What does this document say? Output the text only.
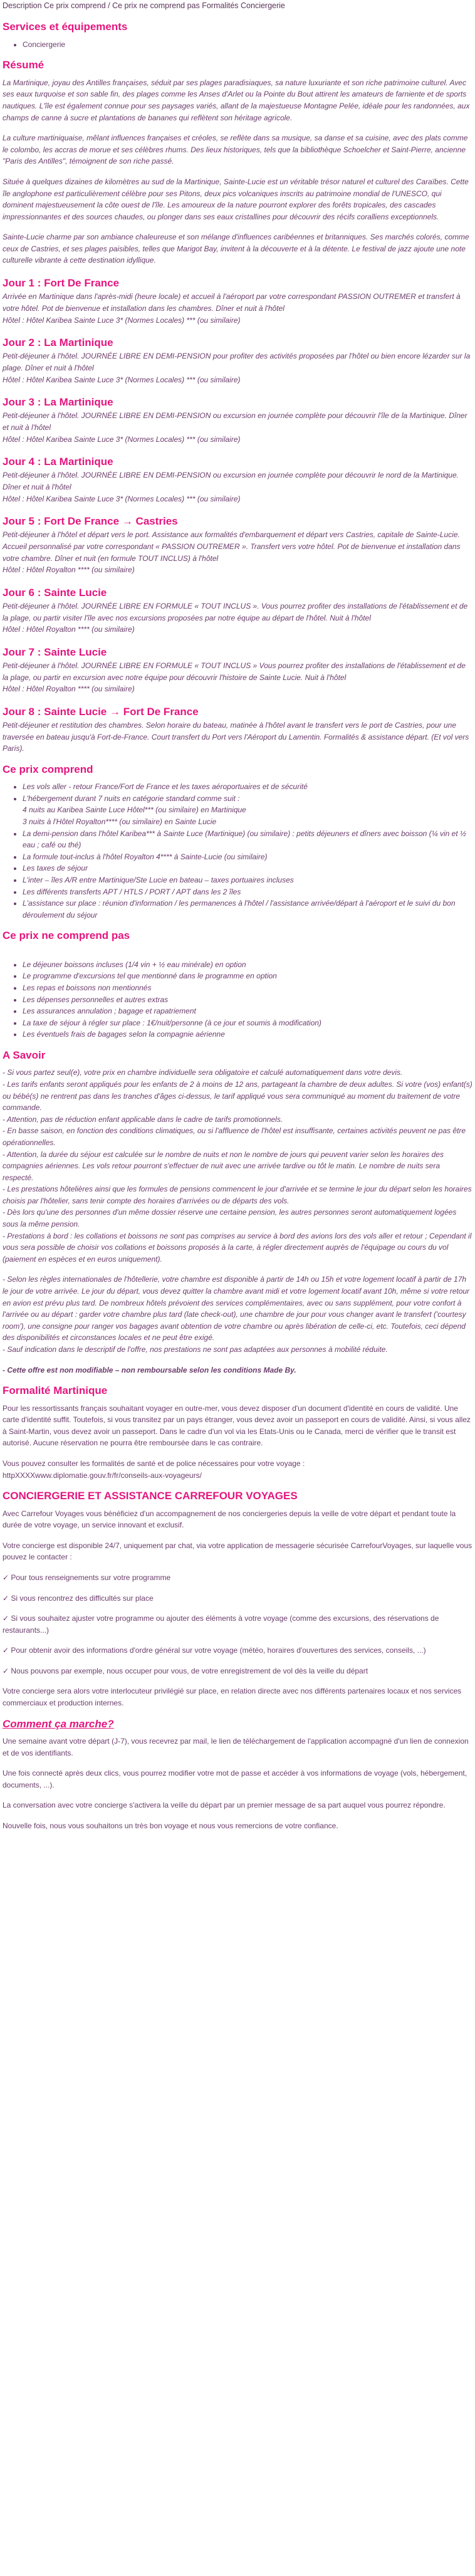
Description Ce prix comprend / Ce prix ne comprend pas Formalités Conciergerie
Services et équipements
• Conciergerie
Résumé

La Martinique, joyau des Antilles françaises, séduit par ses plages paradisiaques, sa nature luxuriante et son riche patrimoine culturel. Avec ses eaux turquoise et son sable fin, des plages comme les Anses d'Arlet ou la Pointe du Bout attirent les amateurs de farniente et de sports nautiques. L'île est également connue pour ses paysages variés, allant de la majestueuse Montagne Pelée, idéale pour les randonnées, aux champs de canne à sucre et plantations de bananes qui reflètent son héritage agricole.

La culture martiniquaise, mêlant influences françaises et créoles, se reflète dans sa musique, sa danse et sa cuisine, avec des plats comme le colombo, les accras de morue et ses célèbres rhums. Des lieux historiques, tels que la bibliothèque Schoelcher et Saint-Pierre, ancienne "Paris des Antilles", témoignent de son riche passé.

Située à quelques dizaines de kilomètres au sud de la Martinique, Sainte-Lucie est un véritable trésor naturel et culturel des Caraïbes. Cette île anglophone est particulièrement célèbre pour ses Pitons, deux pics volcaniques inscrits au patrimoine mondial de l'UNESCO, qui dominent majestueusement la côte ouest de l'île. Les amoureux de la nature pourront explorer des forêts tropicales, des cascades impressionnantes et des sources chaudes, ou plonger dans ses eaux cristallines pour découvrir des récifs coralliens exceptionnels.

Sainte-Lucie charme par son ambiance chaleureuse et son mélange d'influences caribéennes et britanniques. Ses marchés colorés, comme ceux de Castries, et ses plages paisibles, telles que Marigot Bay, invitent à la découverte et à la détente. Le festival de jazz ajoute une note culturelle vibrante à cette destination idyllique.

Jour 1 : Fort De France
Arrivée en Martinique dans l'après-midi (heure locale) et accueil à l'aéroport par votre correspondant PASSION OUTREMER et transfert à votre hôtel. Pot de bienvenue et installation dans les chambres. Dîner et nuit à l'hôtel
Hôtel : Hôtel Karibea Sainte Luce 3* (Normes Locales) *** (ou similaire)
Jour 2 : La Martinique
Petit-déjeuner à l'hôtel. JOURNÉE LIBRE EN DEMI-PENSION pour profiter des activités proposées par l'hôtel ou bien encore lézarder sur la plage. Dîner et nuit à l'hôtel
Hôtel : Hôtel Karibea Sainte Luce 3* (Normes Locales) *** (ou similaire)
Jour 3 : La Martinique
Petit-déjeuner à l'hôtel. JOURNÉE LIBRE EN DEMI-PENSION ou excursion en journée complète pour découvrir l'île de la Martinique. Dîner et nuit à l'hôtel
Hôtel : Hôtel Karibea Sainte Luce 3* (Normes Locales) *** (ou similaire)
Jour 4 : La Martinique
Petit-déjeuner à l'hôtel. JOURNÉE LIBRE EN DEMI-PENSION ou excursion en journée complète pour découvrir le nord de la Martinique. Dîner et nuit à l'hôtel
Hôtel : Hôtel Karibea Sainte Luce 3* (Normes Locales) *** (ou similaire)
Jour 5 : Fort De France → Castries
Petit-déjeuner à l'hôtel et départ vers le port. Assistance aux formalités d'embarquement et départ vers Castries, capitale de Sainte-Lucie. Accueil personnalisé par votre correspondant « PASSION OUTREMER ». Transfert vers votre hôtel. Pot de bienvenue et installation dans votre chambre. Dîner et nuit (en formule TOUT INCLUS) à l'hôtel
Hôtel : Hôtel Royalton **** (ou similaire)
Jour 6 : Sainte Lucie
Petit-déjeuner à l'hôtel. JOURNÉE LIBRE EN FORMULE « TOUT INCLUS ». Vous pourrez profiter des installations de l'établissement et de la plage, ou partir visiter l'île avec nos excursions proposées par notre équipe au départ de l'hôtel. Nuit à l'hôtel
Hôtel : Hôtel Royalton **** (ou similaire)
Jour 7 : Sainte Lucie
Petit-déjeuner à l'hôtel. JOURNÉE LIBRE EN FORMULE « TOUT INCLUS » Vous pourrez profiter des installations de l'établissement et de la plage, ou partir en excursion avec notre équipe pour découvrir l'histoire de Sainte Lucie. Nuit à l'hôtel
Hôtel : Hôtel Royalton **** (ou similaire)
Jour 8 : Sainte Lucie → Fort De France
Petit-déjeuner et restitution des chambres. Selon horaire du bateau, matinée à l'hôtel avant le transfert vers le port de Castries, pour une traversée en bateau jusqu'à Fort-de-France. Court transfert du Port vers l'Aéroport du Lamentin. Formalités & assistance départ. (Et vol vers Paris).
Ce prix comprend
• Les vols aller - retour France/Fort de France et les taxes aéroportuaires et de sécurité
• L'hébergement durant 7 nuits en catégorie standard comme suit :
4 nuits au Karibea Sainte Luce Hôtel*** (ou similaire) en Martinique
3 nuits à l'Hôtel Royalton**** (ou similaire) en Sainte Lucie
• La demi-pension dans l'hôtel Karibea*** à Sainte Luce (Martinique) (ou similaire) : petits déjeuners et dîners avec boisson (¼ vin et ½ eau ; café ou thé)
• La formule tout-inclus à l'hôtel Royalton 4**** à Sainte-Lucie (ou similaire)
• Les taxes de séjour
• L'inter – îles A/R entre Martinique/Ste Lucie en bateau – taxes portuaires incluses
• Les différents transferts APT / HTLS / PORT / APT dans les 2 îles
• L'assistance sur place : réunion d'information / les permanences à l'hôtel / l'assistance arrivée/départ à l'aéroport et le suivi du bon déroulement du séjour
Ce prix ne comprend pas
• Le déjeuner boissons incluses (1/4 vin + ½ eau minérale) en option
• Le programme d'excursions tel que mentionné dans le programme en option
• Les repas et boissons non mentionnés
• Les dépenses personnelles et autres extras
• Les assurances annulation ; bagage et rapatriement
• La taxe de séjour à régler sur place : 1€/nuit/personne (à ce jour et soumis à modification)
• Les éventuels frais de bagages selon la compagnie aérienne
A Savoir

- Si vous partez seul(e), votre prix en chambre individuelle sera obligatoire et calculé automatiquement dans votre devis.
- Les tarifs enfants seront appliqués pour les enfants de 2 à moins de 12 ans, partageant la chambre de deux adultes. Si votre (vos) enfant(s) ou bébé(s) ne rentrent pas dans les tranches d'âges ci-dessus, le tarif appliqué vous sera communiqué au moment du traitement de votre commande.
- Attention, pas de réduction enfant applicable dans le cadre de tarifs promotionnels.
- En basse saison, en fonction des conditions climatiques, ou si l'affluence de l'hôtel est insuffisante, certaines activités peuvent ne pas être opérationnelles.
- Attention, la durée du séjour est calculée sur le nombre de nuits et non le nombre de jours qui peuvent varier selon les horaires des compagnies aériennes. Les vols retour pourront s'effectuer de nuit avec une arrivée tardive ou tôt le matin. Le nombre de nuits sera respecté.
- Les prestations hôtelières ainsi que les formules de pensions commencent le jour d'arrivée et se termine le jour du départ selon les horaires choisis par l'hôtelier, sans tenir compte des horaires d'arrivées ou de départs des vols.
- Dès lors qu'une des personnes d'un même dossier réserve une certaine pension, les autres personnes seront automatiquement logées sous la même pension.
- Prestations à bord : les collations et boissons ne sont pas comprises au service à bord des avions lors des vols aller et retour ; Cependant il vous sera possible de choisir vos collations et boissons proposés à la carte, à régler directement auprès de l'équipage ou cours du vol (paiement en espèces et en euros uniquement).

- Selon les règles internationales de l'hôtellerie, votre chambre est disponible à partir de 14h ou 15h et votre logement locatif à partir de 17h le jour de votre arrivée. Le jour du départ, vous devez quitter la chambre avant midi et votre logement locatif avant 10h, même si votre retour en avion est prévu plus tard. De nombreux hôtels prévoient des services complémentaires, avec ou sans supplément, pour votre confort à l'arrivée ou au départ : garder votre chambre plus tard (late check-out), une chambre de jour pour vous changer avant le transfert ('courtesy room'), une consigne pour ranger vos bagages avant obtention de votre chambre ou après libération de celle-ci, etc. Toutefois, ceci dépend des disponibilités et circonstances locales et ne peut être exigé.
- Sauf indication dans le descriptif de l'offre, nos prestations ne sont pas adaptées aux personnes à mobilité réduite.

- Cette offre est non modifiable – non remboursable selon les conditions Made By.

Formalité Martinique

Pour les ressortissants français souhaitant voyager en outre-mer, vous devez disposer d'un document d'identité en cours de validité. Une carte d'identité suffit. Toutefois, si vous transitez par un pays étranger, vous devez avoir un passeport en cours de validité. Ainsi, si vous allez à Saint-Martin, vous devez avoir un passeport. Dans le cadre d'un vol via les Etats-Unis ou le Canada, merci de vérifier que le transit est autorisé. Aucune réservation ne pourra être remboursée dans le cas contraire.

Vous pouvez consulter les formalités de santé et de police nécessaires pour votre voyage :
httpXXXXwww.diplomatie.gouv.fr/fr/conseils-aux-voyageurs/

CONCIERGERIE ET ASSISTANCE CARREFOUR VOYAGES

Avec Carrefour Voyages vous bénéficiez d'un accompagnement de nos conciergeries depuis la veille de votre départ et pendant toute la durée de votre voyage, un service innovant et exclusif.

Votre concierge est disponible 24/7, uniquement par chat, via votre application de messagerie sécurisée CarrefourVoyages, sur laquelle vous pouvez le contacter :

✓ Pour tous renseignements sur votre programme

✓ Si vous rencontrez des difficultés sur place

✓ Si vous souhaitez ajuster votre programme ou ajouter des éléments à votre voyage (comme des excursions, des réservations de restaurants...)

✓ Pour obtenir avoir des informations d'ordre général sur votre voyage (météo, horaires d'ouvertures des services, conseils, ...)

✓ Nous pouvons par exemple, nous occuper pour vous, de votre enregistrement de vol dès la veille du départ

Votre concierge sera alors votre interlocuteur privilégié sur place, en relation directe avec nos différents partenaires locaux et nos services commerciaux et production internes.

Comment ça marche?

Une semaine avant votre départ (J-7), vous recevrez par mail, le lien de téléchargement de l'application accompagné d'un lien de connexion et de vos identifiants.

Une fois connecté après deux clics, vous pourrez modifier votre mot de passe et accéder à vos informations de voyage (vols, hébergement, documents, ...).

La conversation avec votre concierge s'activera la veille du départ par un premier message de sa part auquel vous pourrez répondre.

Nouvelle fois, nous vous souhaitons un très bon voyage et nous vous remercions de votre confiance.
